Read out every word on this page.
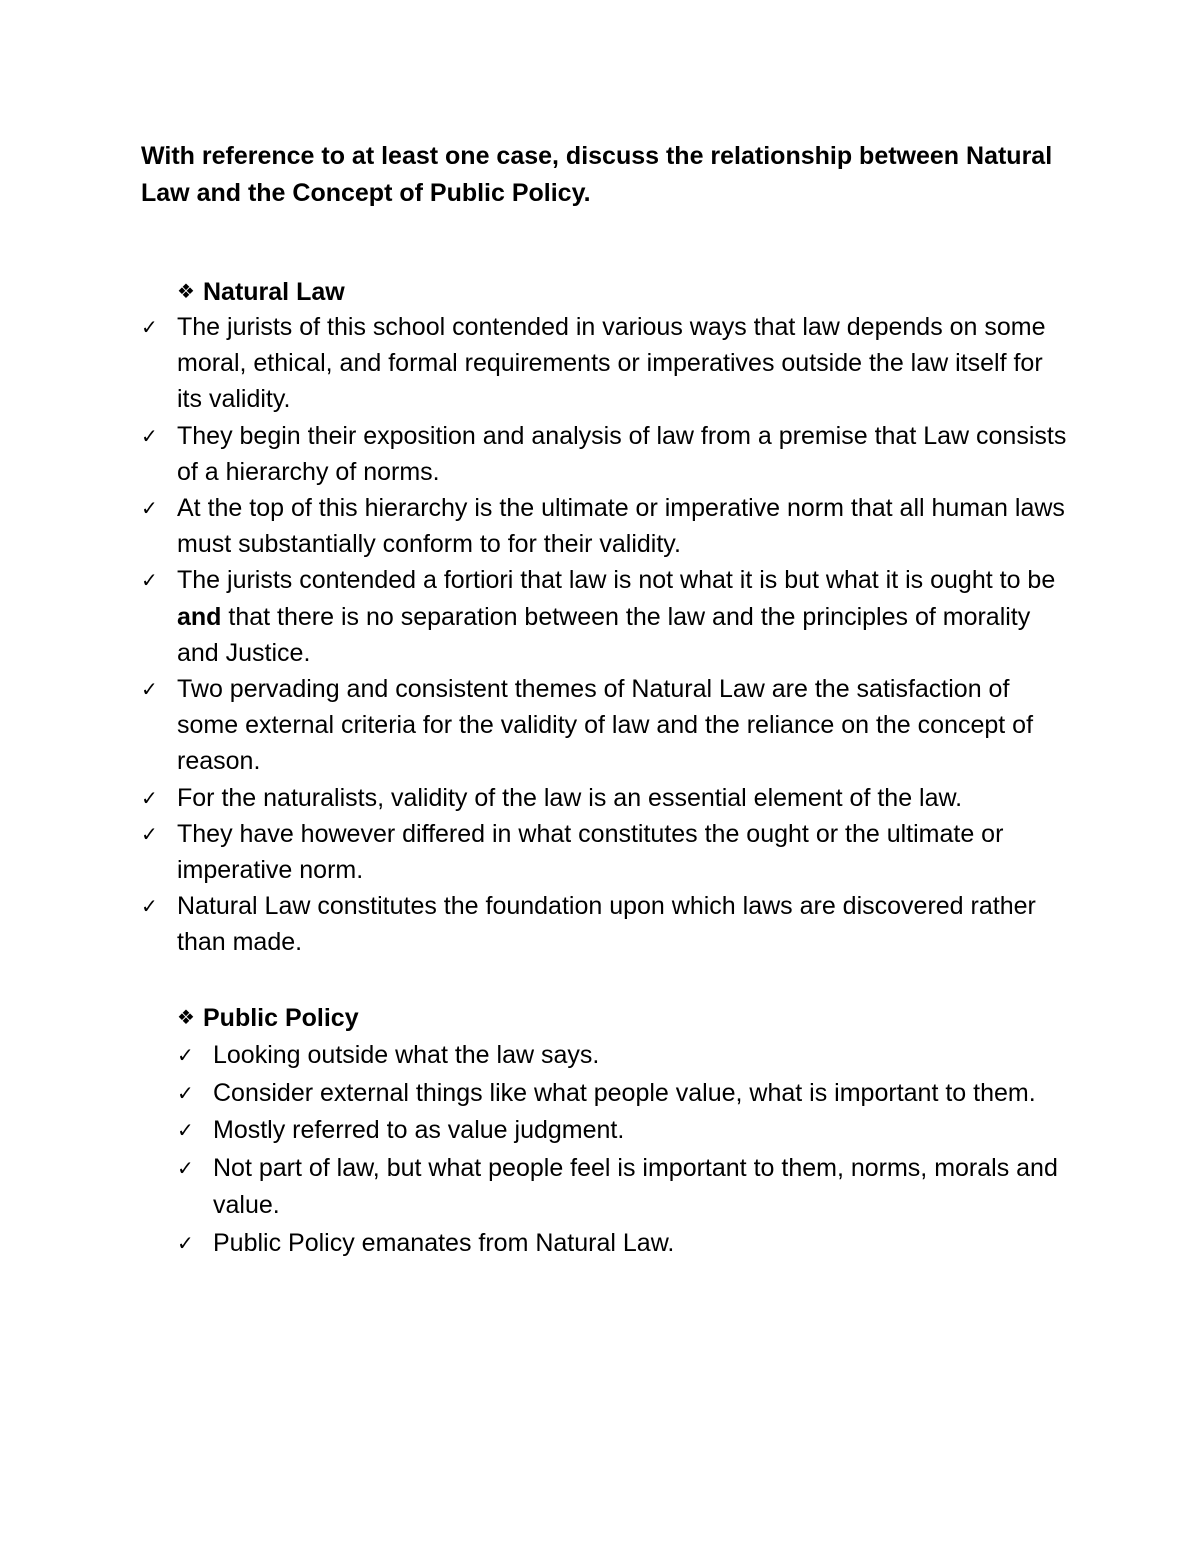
With reference to at least one case, discuss the relationship between Natural Law and the Concept of Public Policy.
❖ Natural Law
✓ The jurists of this school contended in various ways that law depends on some moral, ethical, and formal requirements or imperatives outside the law itself for its validity.
✓ They begin their exposition and analysis of law from a premise that Law consists of a hierarchy of norms.
✓ At the top of this hierarchy is the ultimate or imperative norm that all human laws must substantially conform to for their validity.
✓ The jurists contended a fortiori that law is not what it is but what it is ought to be and that there is no separation between the law and the principles of morality and Justice.
✓ Two pervading and consistent themes of Natural Law are the satisfaction of some external criteria for the validity of law and the reliance on the concept of reason.
✓ For the naturalists, validity of the law is an essential element of the law.
✓ They have however differed in what constitutes the ought or the ultimate or imperative norm.
✓ Natural Law constitutes the foundation upon which laws are discovered rather than made.
❖ Public Policy
✓ Looking outside what the law says.
✓ Consider external things like what people value, what is important to them.
✓ Mostly referred to as value judgment.
✓ Not part of law, but what people feel is important to them, norms, morals and value.
✓ Public Policy emanates from Natural Law.
